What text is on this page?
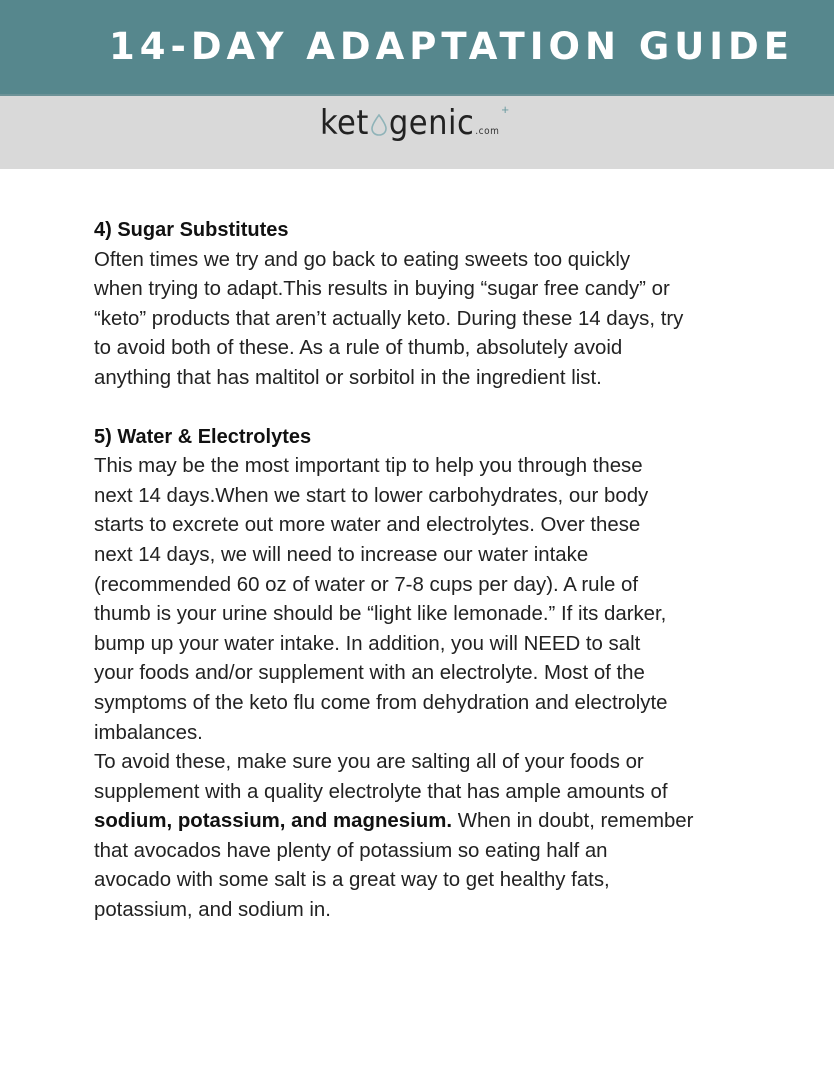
14-DAY ADAPTATION GUIDE
ket genic .com
+
4) Sugar Substitutes

Often times we try and go back to eating sweets too quickly
when trying to adapt.This results in buying “sugar free candy” or
“keto” products that aren’t actually keto. During these 14 days, try
to avoid both of these. As a rule of thumb, absolutely avoid
anything that has maltitol or sorbitol in the ingredient list.

5) Water & Electrolytes

This may be the most important tip to help you through these
next 14 days.When we start to lower carbohydrates, our body
starts to excrete out more water and electrolytes. Over these
next 14 days, we will need to increase our water intake
(recommended 60 oz of water or 7-8 cups per day). A rule of
thumb is your urine should be “light like lemonade.” If its darker,
bump up your water intake. In addition, you will NEED to salt
your foods and/or supplement with an electrolyte. Most of the
symptoms of the keto flu come from dehydration and electrolyte
imbalances.
To avoid these, make sure you are salting all of your foods or
supplement with a quality electrolyte that has ample amounts of
sodium, potassium, and magnesium. When in doubt, remember
that avocados have plenty of potassium so eating half an
avocado with some salt is a great way to get healthy fats,
potassium, and sodium in.
